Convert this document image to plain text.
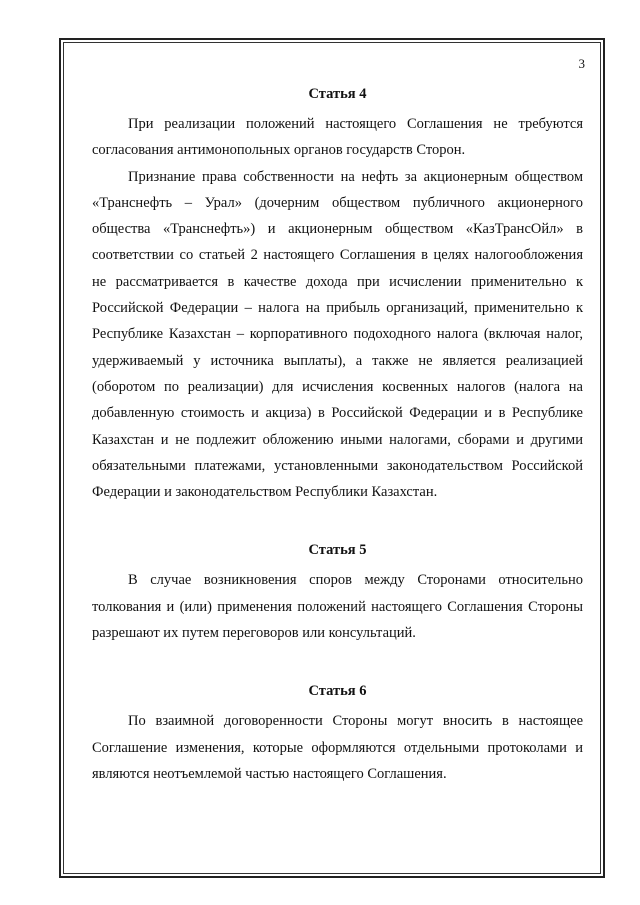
3
Статья 4

При реализации положений настоящего Соглашения не требуются согласования антимонопольных органов государств Сторон.

Признание права собственности на нефть за акционерным обществом «Транснефть – Урал» (дочерним обществом публичного акционерного общества «Транснефть») и акционерным обществом «КазТрансОйл» в соответствии со статьей 2 настоящего Соглашения в целях налогообложения не рассматривается в качестве дохода при исчислении применительно к Российской Федерации – налога на прибыль организаций, применительно к Республике Казахстан – корпоративного подоходного налога (включая налог, удерживаемый у источника выплаты), а также не является реализацией (оборотом по реализации) для исчисления косвенных налогов (налога на добавленную стоимость и акциза) в Российской Федерации и в Республике Казахстан и не подлежит обложению иными налогами, сборами и другими обязательными платежами, установленными законодательством Российской Федерации и законодательством Республики Казахстан.

Статья 5

В случае возникновения споров между Сторонами относительно толкования и (или) применения положений настоящего Соглашения Стороны разрешают их путем переговоров или консультаций.

Статья 6

По взаимной договоренности Стороны могут вносить в настоящее Соглашение изменения, которые оформляются отдельными протоколами и являются неотъемлемой частью настоящего Соглашения.
